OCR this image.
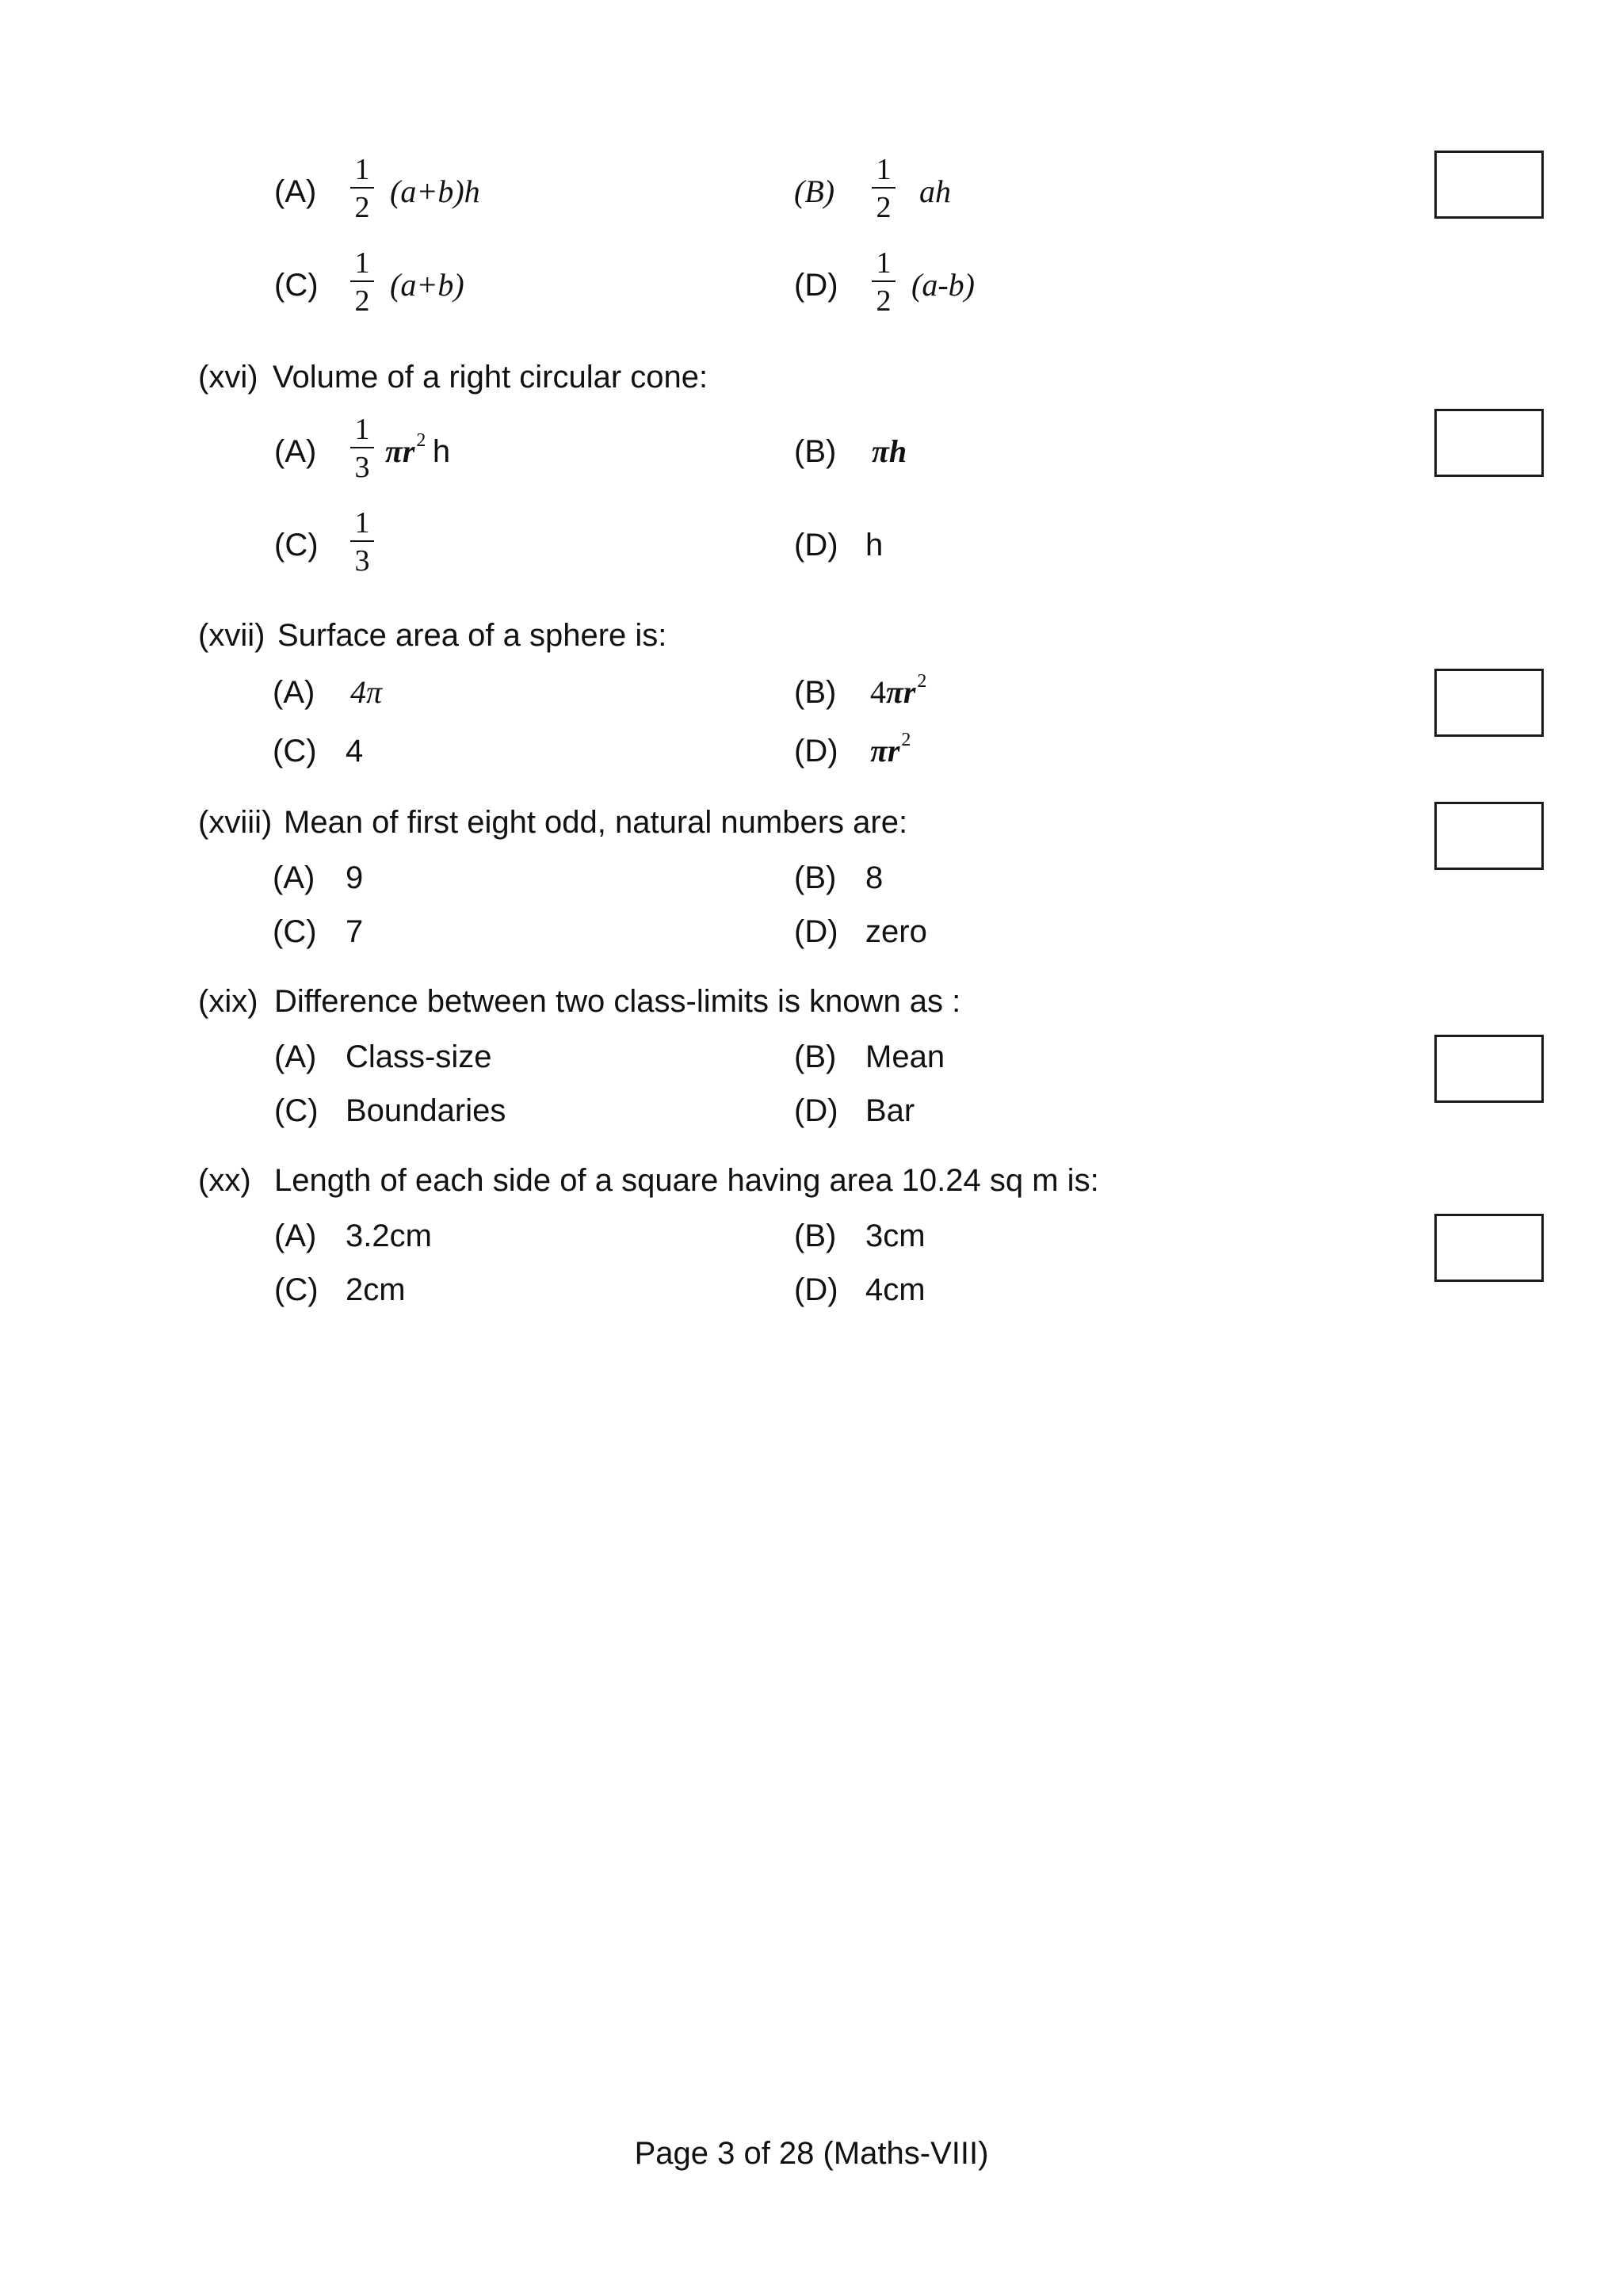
(A)
1
2 (a+b)h	(B)
1
2 ah
(C)
1
2 (a+b)	(D)
1
2 (a-b)
(xvi) Volume of a right circular cone:
(A)
1
3 πr2 h	(B) πh
(C)
1
3	(D) h
(xvii) Surface area of a sphere is:
(A) 4π	(B) 4πr2
(C) 4	(D) πr2
(xviii) Mean of first eight odd, natural numbers are:
(A) 9	(B) 8
(C) 7	(D) zero
(xix) Difference between two class-limits is known as :
(A) Class-size	(B) Mean
(C) Boundaries	(D) Bar
(xx) Length of each side of a square having area 10.24 sq m is:
(A) 3.2cm	(B) 3cm
(C) 2cm	(D) 4cm
Page 3 of 28 (Maths-VIII)
